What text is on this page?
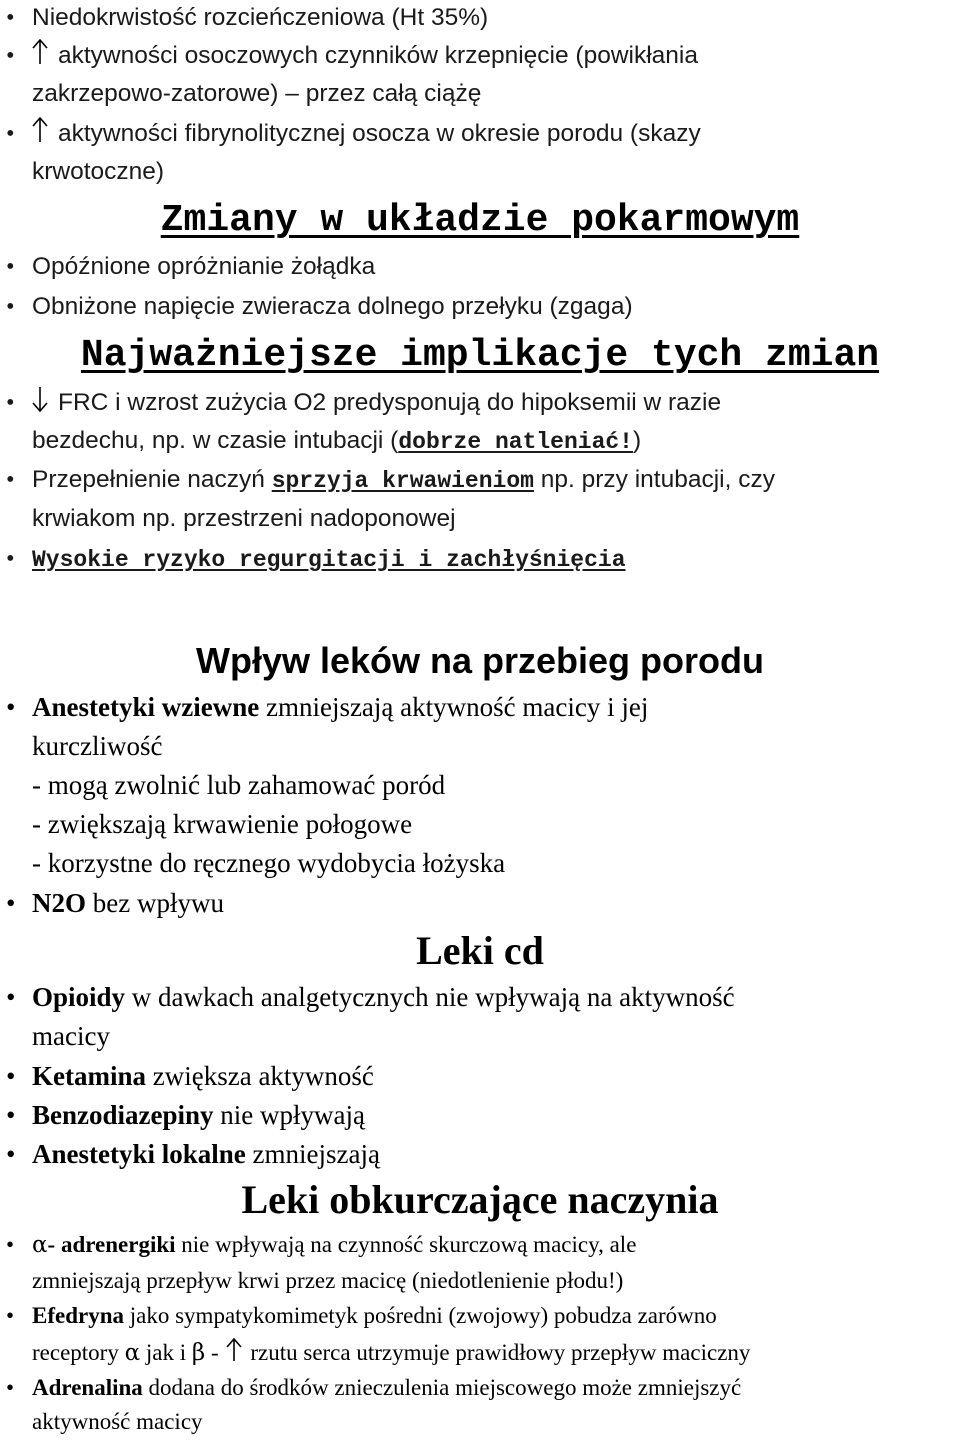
• Niedokrwistość rozcieńczeniowa (Ht 35%)

• aktywności osoczowych czynników krzepnięcie (powikłania

zakrzepowo-zatorowe) – przez całą ciążę

• aktywności fibrynolitycznej osocza w okresie porodu (skazy

krwotoczne)

Zmiany w układzie pokarmowym

• Opóźnione opróżnianie żołądka

• Obniżone napięcie zwieracza dolnego przełyku (zgaga)

Najważniejsze implikacje tych zmian

• FRC i wzrost zużycia O2 predysponują do hipoksemii w razie

bezdechu, np. w czasie intubacji (dobrze natleniać!)

• Przepełnienie naczyń sprzyja krwawieniom np. przy intubacji, czy

krwiakom np. przestrzeni nadoponowej

• Wysokie ryzyko regurgitacji i zachłyśnięcia

Wpływ leków na przebieg porodu

• Anestetyki wziewne zmniejszają aktywność macicy i jej

kurczliwość

- mogą zwolnić lub zahamować poród

- zwiększają krwawienie połogowe

- korzystne do ręcznego wydobycia łożyska

• N2O bez wpływu

Leki cd

• Opioidy w dawkach analgetycznych nie wpływają na aktywność

macicy

• Ketamina zwiększa aktywność

• Benzodiazepiny nie wpływają

• Anestetyki lokalne zmniejszają

Leki obkurczające naczynia

• α- adrenergiki nie wpływają na czynność skurczową macicy, ale

zmniejszają przepływ krwi przez macicę (niedotlenienie płodu!)

• Efedryna jako sympatykomimetyk pośredni (zwojowy) pobudza zarówno

receptory α jak i β -
rzutu serca utrzymuje prawidłowy przepływ maciczny

• Adrenalina dodana do środków znieczulenia miejscowego może zmniejszyć

aktywność macicy
